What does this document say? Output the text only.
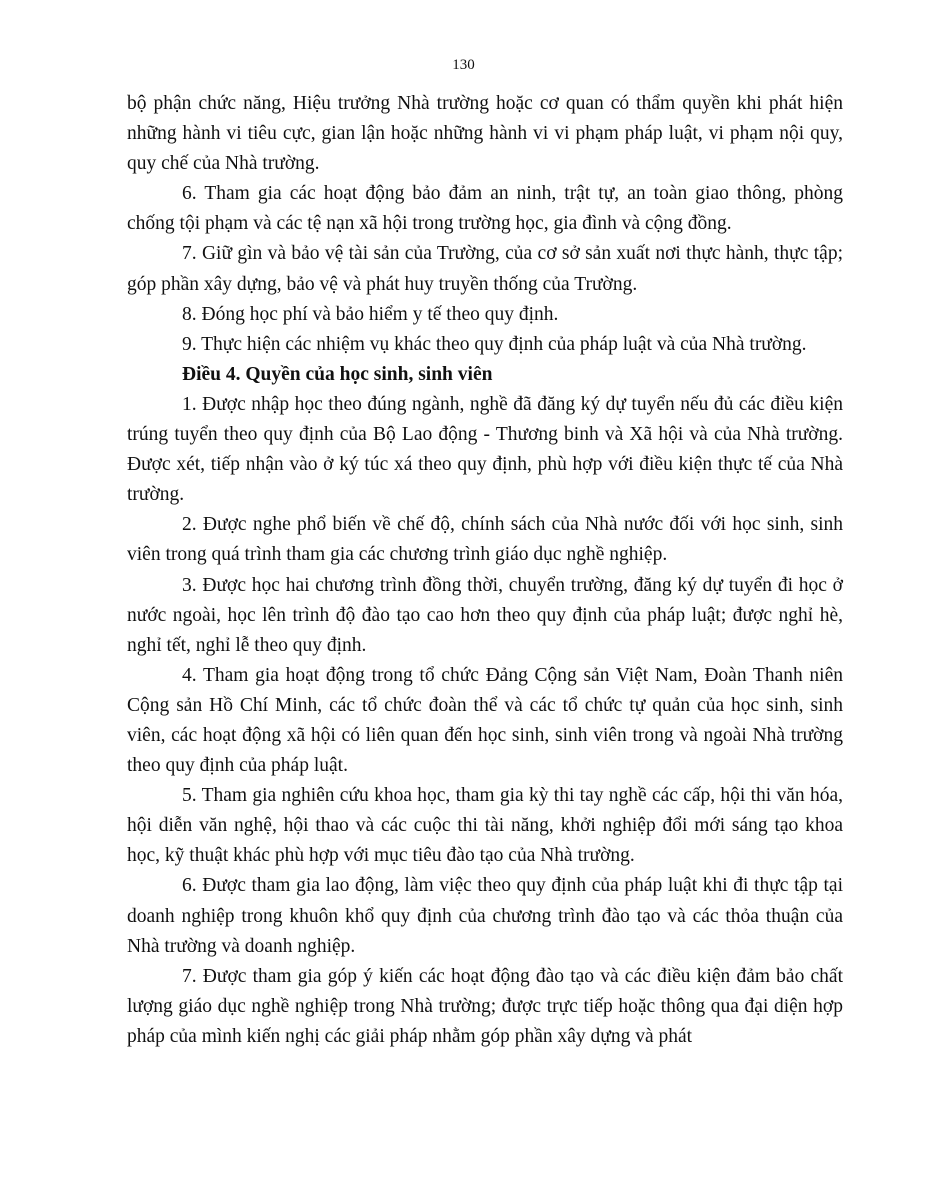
130

bộ phận chức năng, Hiệu trưởng Nhà trường hoặc cơ quan có thẩm quyền khi phát hiện những hành vi tiêu cực, gian lận hoặc những hành vi vi phạm pháp luật, vi phạm nội quy, quy chế của Nhà trường.

6. Tham gia các hoạt động bảo đảm an ninh, trật tự, an toàn giao thông, phòng chống tội phạm và các tệ nạn xã hội trong trường học, gia đình và cộng đồng.

7. Giữ gìn và bảo vệ tài sản của Trường, của cơ sở sản xuất nơi thực hành, thực tập; góp phần xây dựng, bảo vệ và phát huy truyền thống của Trường.

8. Đóng học phí và bảo hiểm y tế theo quy định.

9. Thực hiện các nhiệm vụ khác theo quy định của pháp luật và của Nhà trường.

Điều 4. Quyền của học sinh, sinh viên

1. Được nhập học theo đúng ngành, nghề đã đăng ký dự tuyển nếu đủ các điều kiện trúng tuyển theo quy định của Bộ Lao động - Thương binh và Xã hội và của Nhà trường. Được xét, tiếp nhận vào ở ký túc xá theo quy định, phù hợp với điều kiện thực tế của Nhà trường.

2. Được nghe phổ biến về chế độ, chính sách của Nhà nước đối với học sinh, sinh viên trong quá trình tham gia các chương trình giáo dục nghề nghiệp.

3. Được học hai chương trình đồng thời, chuyển trường, đăng ký dự tuyển đi học ở nước ngoài, học lên trình độ đào tạo cao hơn theo quy định của pháp luật; được nghỉ hè, nghỉ tết, nghỉ lễ theo quy định.

4. Tham gia hoạt động trong tổ chức Đảng Cộng sản Việt Nam, Đoàn Thanh niên Cộng sản Hồ Chí Minh, các tổ chức đoàn thể và các tổ chức tự quản của học sinh, sinh viên, các hoạt động xã hội có liên quan đến học sinh, sinh viên trong và ngoài Nhà trường theo quy định của pháp luật.

5. Tham gia nghiên cứu khoa học, tham gia kỳ thi tay nghề các cấp, hội thi văn hóa, hội diễn văn nghệ, hội thao và các cuộc thi tài năng, khởi nghiệp đổi mới sáng tạo khoa học, kỹ thuật khác phù hợp với mục tiêu đào tạo của Nhà trường.

6. Được tham gia lao động, làm việc theo quy định của pháp luật khi đi thực tập tại doanh nghiệp trong khuôn khổ quy định của chương trình đào tạo và các thỏa thuận của Nhà trường và doanh nghiệp.

7. Được tham gia góp ý kiến các hoạt động đào tạo và các điều kiện đảm bảo chất lượng giáo dục nghề nghiệp trong Nhà trường; được trực tiếp hoặc thông qua đại diện hợp pháp của mình kiến nghị các giải pháp nhằm góp phần xây dựng và phát
